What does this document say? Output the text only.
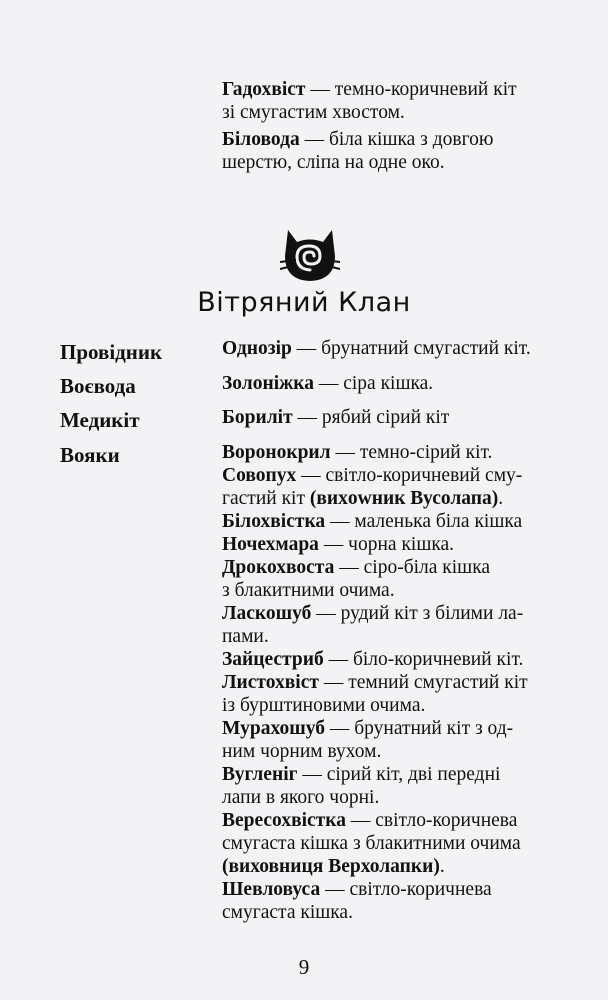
Гадохвіст — темно-коричневий кіт
зі смугастим хвостом.
Біловода — біла кішка з довгою
шерстю, сліпа на одне око.
Вітряний Клан
Провідник	Однозір — брунатний смугастий кіт.
Воєвода	Золоніжка — сіра кішка.
Медикіт	Бориліт — рябий сірий кіт
Вояки	Воронокрил — темно-сірий кіт.
Совопух — світло-коричневий сму-
гастий кіт (вихowник Вусолапа).
Білохвістка — маленька біла кішка
Ночехмара — чорна кішка.
Дрокохвоста — сіро-біла кішка
з блакитними очима.
Ласкошуб — рудий кіт з білими ла-
пами.
Зайцестриб — біло-коричневий кіт.
Листохвіст — темний смугастий кіт
із бурштиновими очима.
Мурахошуб — брунатний кіт з од-
ним чорним вухом.
Вугленіг — сірий кіт, дві передні
лапи в якого чорні.
Вересохвістка — світло-коричнева
смугаста кішка з блакитними очима
(виховниця Верхолапки).
Шевловуса — світло-коричнева
смугаста кішка.
9
